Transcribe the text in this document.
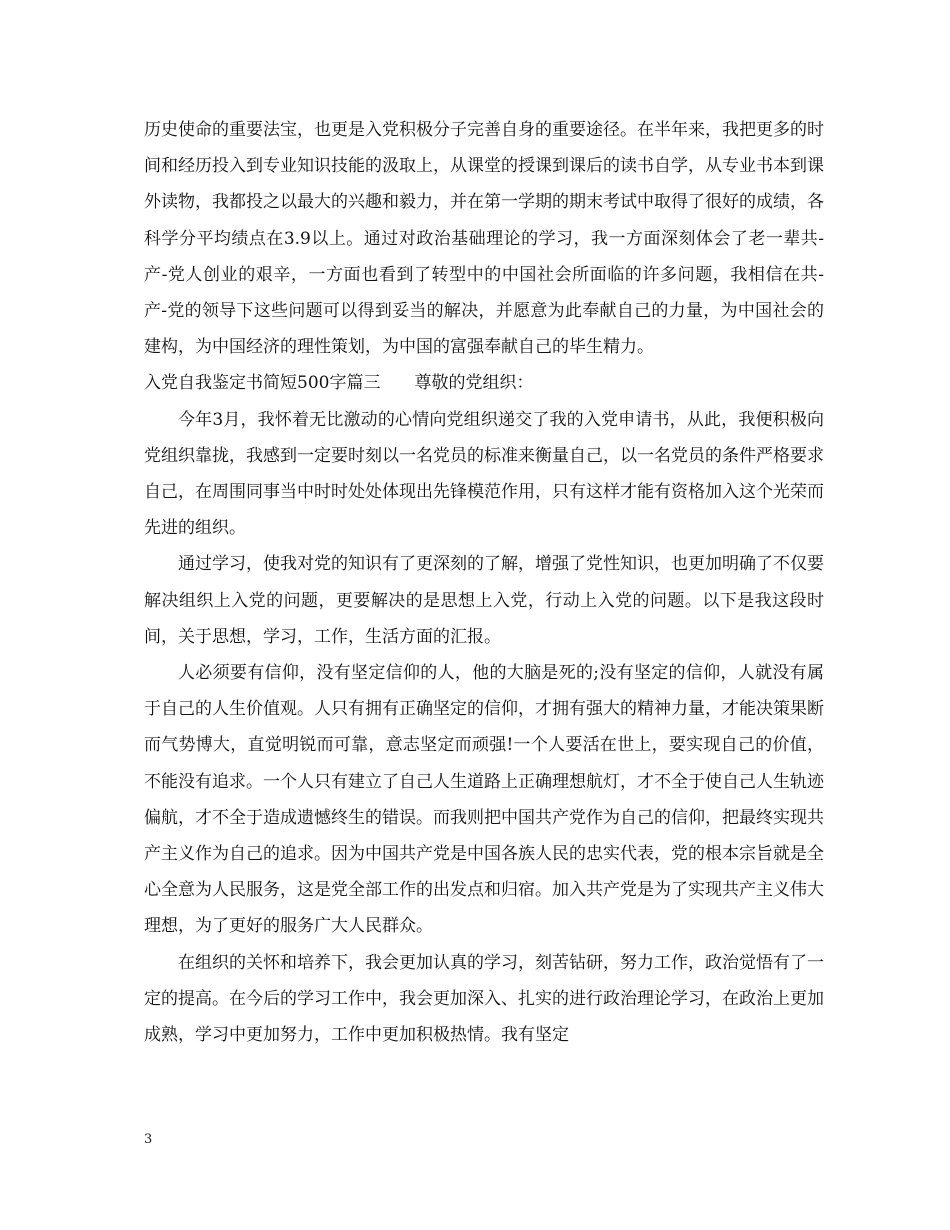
历史使命的重要法宝，也更是入党积极分子完善自身的重要途径。在半年来，我把更多的时间和经历投入到专业知识技能的汲取上，从课堂的授课到课后的读书自学，从专业书本到课外读物，我都投之以最大的兴趣和毅力，并在第一学期的期末考试中取得了很好的成绩，各科学分平均绩点在3.9以上。通过对政治基础理论的学习，我一方面深刻体会了老一辈共-产-党人创业的艰辛，一方面也看到了转型中的中国社会所面临的许多问题，我相信在共-产-党的领导下这些问题可以得到妥当的解决，并愿意为此奉献自己的力量，为中国社会的建构，为中国经济的理性策划，为中国的富强奉献自己的毕生精力。

入党自我鉴定书简短500字篇三 尊敬的党组织：

今年3月，我怀着无比激动的心情向党组织递交了我的入党申请书，从此，我便积极向党组织靠拢，我感到一定要时刻以一名党员的标准来衡量自己，以一名党员的条件严格要求自己，在周围同事当中时时处处体现出先锋模范作用，只有这样才能有资格加入这个光荣而先进的组织。

通过学习，使我对党的知识有了更深刻的了解，增强了党性知识，也更加明确了不仅要解决组织上入党的问题，更要解决的是思想上入党，行动上入党的问题。以下是我这段时间，关于思想，学习，工作，生活方面的汇报。

人必须要有信仰，没有坚定信仰的人，他的大脑是死的;没有坚定的信仰，人就没有属于自己的人生价值观。人只有拥有正确坚定的信仰，才拥有强大的精神力量，才能决策果断而气势博大，直觉明锐而可靠，意志坚定而顽强!一个人要活在世上，要实现自己的价值，不能没有追求。一个人只有建立了自己人生道路上正确理想航灯，才不全于使自己人生轨迹偏航，才不全于造成遗憾终生的错误。而我则把中国共产党作为自己的信仰，把最终实现共产主义作为自己的追求。因为中国共产党是中国各族人民的忠实代表，党的根本宗旨就是全心全意为人民服务，这是党全部工作的出发点和归宿。加入共产党是为了实现共产主义伟大理想，为了更好的服务广大人民群众。

在组织的关怀和培养下，我会更加认真的学习，刻苦钻研，努力工作，政治觉悟有了一定的提高。在今后的学习工作中，我会更加深入、扎实的进行政治理论学习，在政治上更加成熟，学习中更加努力，工作中更加积极热情。我有坚定

3
